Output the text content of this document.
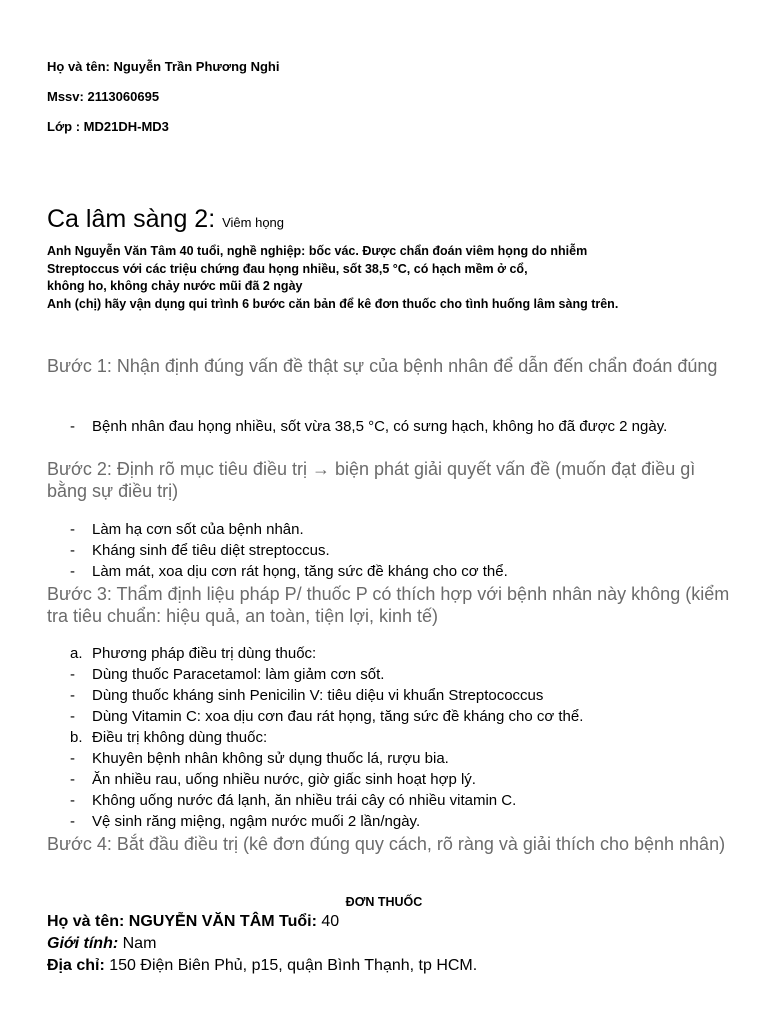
Họ và tên: Nguyễn Trần Phương Nghi
Mssv: 2113060695
Lớp : MD21DH-MD3
Ca lâm sàng 2: Viêm họng
Anh Nguyễn Văn Tâm 40 tuổi, nghề nghiệp: bốc vác. Được chẩn đoán viêm họng do nhiễm
Streptoccus với các triệu chứng đau họng nhiều, sốt 38,5 °C, có hạch mềm ở cổ,
không ho, không chảy nước mũi đã 2 ngày
Anh (chị) hãy vận dụng qui trình 6 bước căn bản để kê đơn thuốc cho tình huống lâm sàng trên.
Bước 1: Nhận định đúng vấn đề thật sự của bệnh nhân để dẫn đến chẩn đoán đúng
- Bệnh nhân đau họng nhiều, sốt vừa 38,5 °C, có sưng hạch, không ho đã được 2 ngày.
Bước 2: Định rõ mục tiêu điều trị → biện phát giải quyết vấn đề (muốn đạt điều gì bằng sự điều trị)
- Làm hạ cơn sốt của bệnh nhân.
- Kháng sinh để tiêu diệt streptoccus.
- Làm mát, xoa dịu cơn rát họng, tăng sức đề kháng cho cơ thể.
Bước 3: Thẩm định liệu pháp P/ thuốc P có thích hợp với bệnh nhân này không (kiểm tra tiêu chuẩn: hiệu quả, an toàn, tiện lợi, kinh tế)
a. Phương pháp điều trị dùng thuốc:
- Dùng thuốc Paracetamol: làm giảm cơn sốt.
- Dùng thuốc kháng sinh Penicilin V: tiêu diệu vi khuẩn Streptococcus
- Dùng Vitamin C: xoa dịu cơn đau rát họng, tăng sức đề kháng cho cơ thể.
b. Điều trị không dùng thuốc:
- Khuyên bệnh nhân không sử dụng thuốc lá, rượu bia.
- Ăn nhiều rau, uống nhiều nước, giờ giấc sinh hoạt hợp lý.
- Không uống nước đá lạnh, ăn nhiều trái cây có nhiều vitamin C.
- Vệ sinh răng miệng, ngậm nước muối 2 lần/ngày.
Bước 4: Bắt đầu điều trị (kê đơn đúng quy cách, rõ ràng và giải thích cho bệnh nhân)
ĐƠN THUỐC
Họ và tên: NGUYỄN VĂN TÂM Tuổi: 40
Giới tính: Nam
Địa chỉ: 150 Điện Biên Phủ, p15, quận Bình Thạnh, tp HCM.
